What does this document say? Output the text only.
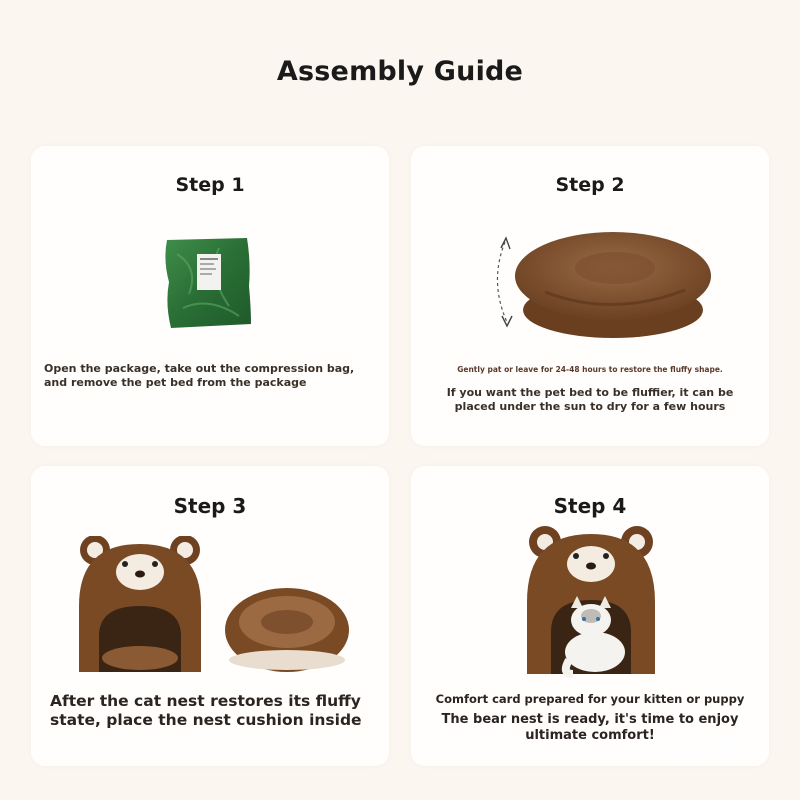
Assembly Guide
Step 1
Open the package, take out the compression bag, and remove the pet bed from the package
Step 2
Gently pat or leave for 24-48 hours to restore the fluffy shape.
If you want the pet bed to be fluffier, it can be placed under the sun to dry for a few hours
Step 3
After the cat nest restores its fluffy state, place the nest cushion inside
Step 4
Comfort card prepared for your kitten or puppy
The bear nest is ready, it's time to enjoy ultimate comfort! com
